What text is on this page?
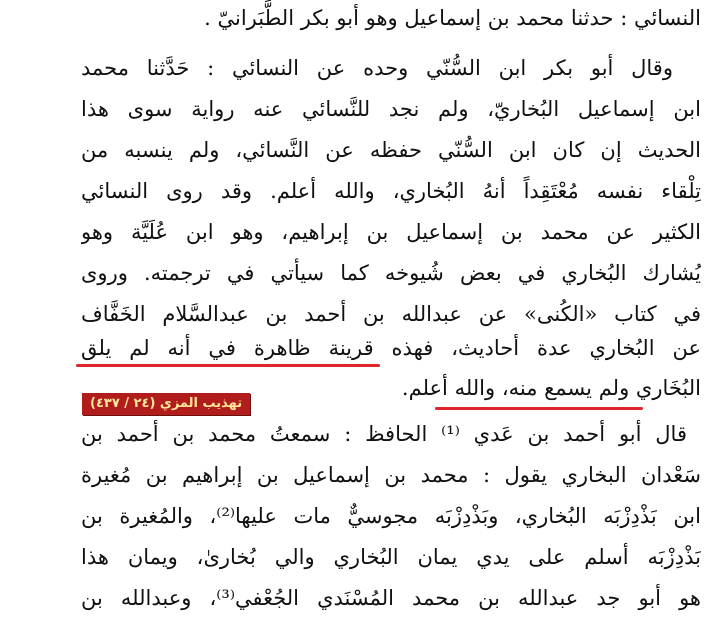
النسائي : حدثنا محمد بن إسماعيل وهو أبو بكر الطَّبَرانيّ .
وقال أبو بكر ابن السُّنّي وحده عن النسائي : حَدَّثنا محمد
ابن إسماعيل البُخاريّ، ولم نجد للنَّسائي عنه رواية سوى هذا
الحديث إن كان ابن السُّنّي حفظه عن النَّسائي، ولم ينسبه من
تِلْقاء نفسه مُعْتَقِداً أنهُ البُخاري، والله أعلم. وقد روى النسائي
الكثير عن محمد بن إسماعيل بن إبراهيم، وهو ابن عُلَيَّة وهو
يُشارك البُخاري في بعض شُيوخه كما سيأتي في ترجمته. وروى
في كتاب «الكُنى» عن عبدالله بن أحمد بن عبدالسَّلام الخَفَّاف
عن البُخاري عدة أحاديث، فهذه قرينة ظاهرة في أنه لم يلق
البُخَاري ولم يسمع منه، والله أعلم.
قال أبو أحمد بن عَدي ⁽¹⁾ الحافظ : سمعتُ محمد بن أحمد بن
سَعْدان البخاري يقول : محمد بن إسماعيل بن إبراهيم بن مُغيرة
ابن بَذْدِزْبَه البُخاري، وبَذْدِزْبَه مجوسيٌّ مات عليها⁽²⁾، والمُغيرة بن
بَذْدِزْبَه أسلم على يدي يمان البُخاري والي بُخارىٰ، ويمان هذا
هو أبو جد عبدالله بن محمد المُسْنَدي الجُعْفي⁽³⁾، وعبدالله بن
تهذيب المزي (٢٤ / ٤٣٧)
